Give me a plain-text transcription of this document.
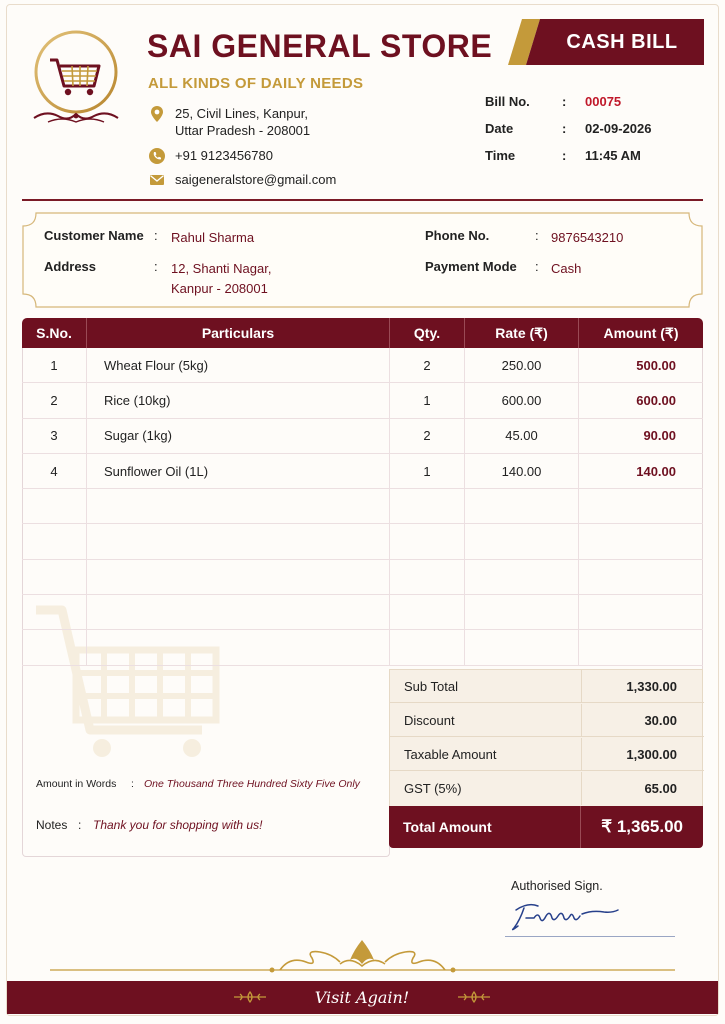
SAI GENERAL STORE
ALL KINDS OF DAILY NEEDS
25, Civil Lines, Kanpur,
Uttar Pradesh - 208001
+91 9123456780
saigeneralstore@gmail.com
CASH BILL
Bill No.	:	00075
Date	:	02-09-2026
Time	:	11:45 AM
Customer Name :	Rahul Sharma
Address	:	12, Shanti Nagar,
Kanpur - 208001
Phone No.	: 9876543210
Payment Mode	: Cash
S.No.	Particulars	Qty.	Rate (₹)	Amount (₹)
1	Wheat Flour (5kg)	2	250.00	500.00
2	Rice (10kg)	1	600.00	600.00
3	Sugar (1kg)	2	45.00	90.00
4	Sunflower Oil (1L)	1	140.00	140.00
Amount in Words	: One Thousand Three Hundred Sixty Five Only
Notes : Thank you for shopping with us!
Sub Total	1,330.00
Discount	30.00
Taxable Amount	1,300.00
GST (5%)	65.00
Total Amount	₹ 1,365.00
Authorised Sign.
Visit Again!
